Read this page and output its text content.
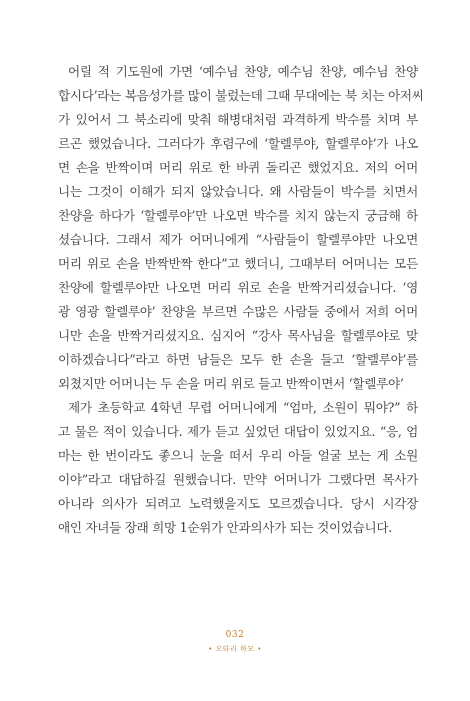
어릴 적 기도원에 가면 ‘예수님 찬양, 예수님 찬양, 예수님 찬양
합시다’라는 복음성가를 많이 불렀는데 그때 무대에는 북 치는 아저씨
가 있어서 그 북소리에 맞춰 해병대처럼 과격하게 박수를 치며 부
르곤 했었습니다. 그러다가 후렴구에 ‘할렐루야, 할렐루야’가 나오
면 손을 반짝이며 머리 위로 한 바퀴 돌리곤 했었지요. 저의 어머
니는 그것이 이해가 되지 않았습니다. 왜 사람들이 박수를 치면서
찬양을 하다가 ‘할렐루야’만 나오면 박수를 치지 않는지 궁금해 하
셨습니다. 그래서 제가 어머니에게 “사람들이 할렐루야만 나오면
머리 위로 손을 반짝반짝 한다”고 했더니, 그때부터 어머니는 모든
찬양에 할렐루야만 나오면 머리 위로 손을 반짝거리셨습니다. ‘영
광 영광 할렐루야’ 찬양을 부르면 수많은 사람들 중에서 저희 어머
니만 손을 반짝거리셨지요. 심지어 “강사 목사님을 할렐루야로 맞
이하겠습니다”라고 하면 남들은 모두 한 손을 들고 ‘할렐루야’를
외쳤지만 어머니는 두 손을 머리 위로 들고 반짝이면서 ‘할렐루야’
제가 초등학교 4학년 무렵 어머니에게 “엄마, 소원이 뭐야?” 하
고 물은 적이 있습니다. 제가 듣고 싶었던 대답이 있었지요. “응, 엄
마는 한 번이라도 좋으니 눈을 떠서 우리 아들 얼굴 보는 게 소원
이야”라고 대답하길 원했습니다. 만약 어머니가 그랬다면 목사가
아니라 의사가 되려고 노력했을지도 모르겠습니다. 당시 시각장
애인 자녀들 장래 희망 1순위가 안과의사가 되는 것이었습니다.
032
• 오타리 하모 •
